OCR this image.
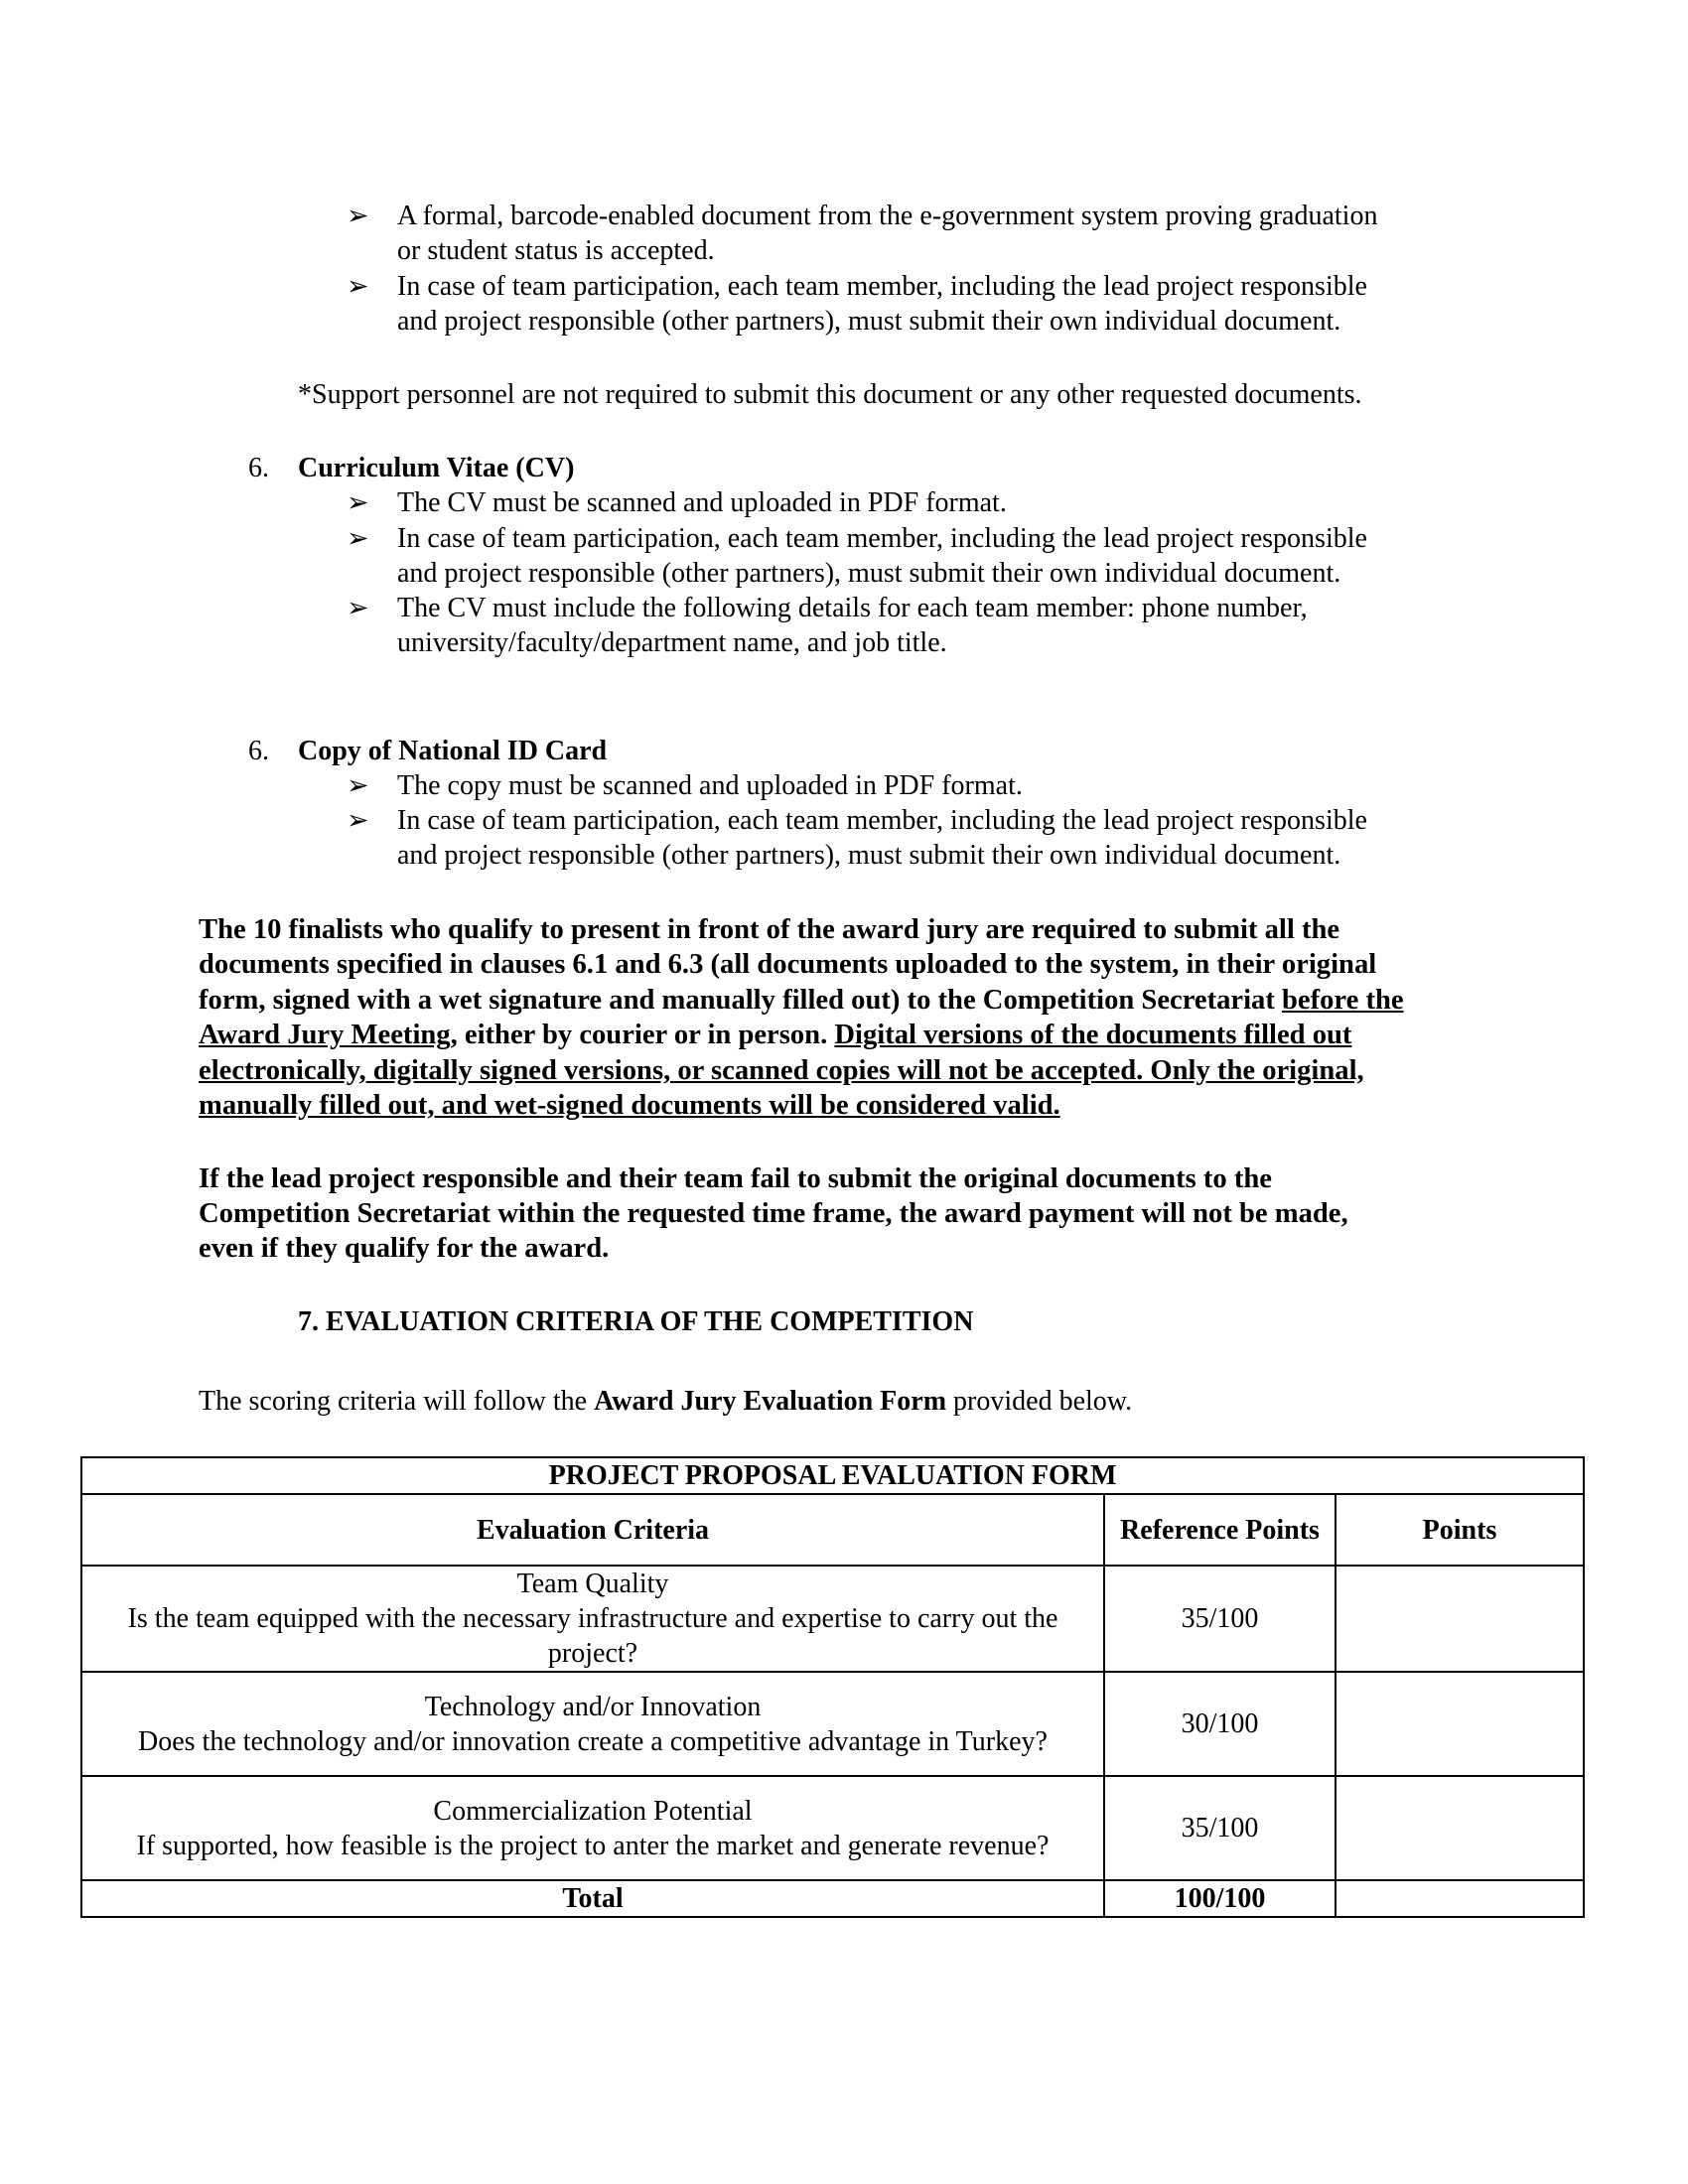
➢ A formal, barcode-enabled document from the e-government system proving graduation
or student status is accepted.
➢ In case of team participation, each team member, including the lead project responsible
and project responsible (other partners), must submit their own individual document.
*Support personnel are not required to submit this document or any other requested documents.
6. Curriculum Vitae (CV)
➢ The CV must be scanned and uploaded in PDF format.
➢ In case of team participation, each team member, including the lead project responsible
and project responsible (other partners), must submit their own individual document.
➢ The CV must include the following details for each team member: phone number,
university/faculty/department name, and job title.
6. Copy of National ID Card
➢ The copy must be scanned and uploaded in PDF format.
➢ In case of team participation, each team member, including the lead project responsible
and project responsible (other partners), must submit their own individual document.
The 10 finalists who qualify to present in front of the award jury are required to submit all the
documents specified in clauses 6.1 and 6.3 (all documents uploaded to the system, in their original
form, signed with a wet signature and manually filled out) to the Competition Secretariat before the
Award Jury Meeting, either by courier or in person. Digital versions of the documents filled out
electronically, digitally signed versions, or scanned copies will not be accepted. Only the original,
manually filled out, and wet-signed documents will be considered valid.
If the lead project responsible and their team fail to submit the original documents to the
Competition Secretariat within the requested time frame, the award payment will not be made,
even if they qualify for the award.
7. EVALUATION CRITERIA OF THE COMPETITION
The scoring criteria will follow the Award Jury Evaluation Form provided below.
PROJECT PROPOSAL EVALUATION FORM		
Evaluation Criteria	Reference Points	Points

Team Quality
Is the team equipped with the necessary infrastructure and expertise to carry out the project?	35/100	

Technology and/or Innovation
Does the technology and/or innovation create a competitive advantage in Turkey?	30/100	

Commercialization Potential
If supported, how feasible is the project to anter the market and generate revenue?	35/100	
Total	100/100	
